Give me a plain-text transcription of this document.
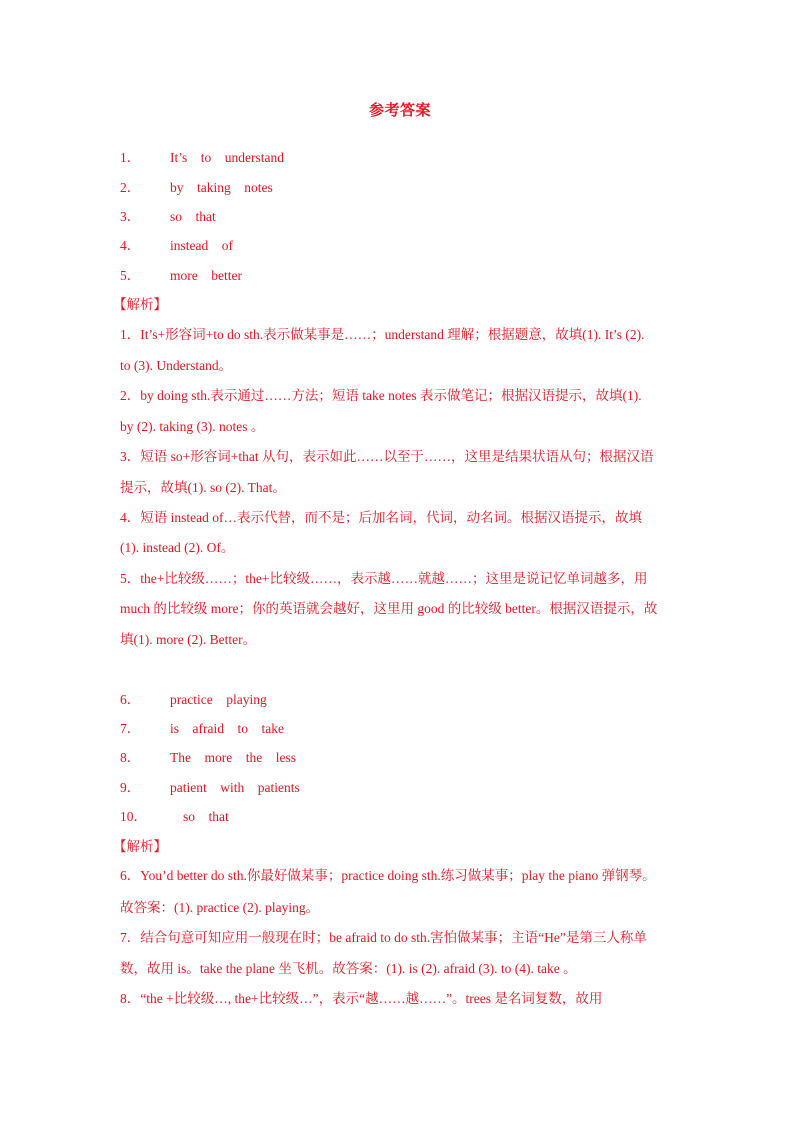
参考答案
1． It’s    to    understand
2． by    taking    notes
3． so    that
4． instead    of
5． more    better
【解析】
1．It’s+形容词+to do sth.表示做某事是……；understand 理解；根据题意，故填(1). It’s (2).
to (3). Understand。
2．by doing sth.表示通过……方法；短语 take notes 表示做笔记；根据汉语提示，故填(1).
by (2). taking (3). notes 。
3．短语 so+形容词+that 从句，表示如此……以至于……，这里是结果状语从句；根据汉语
提示，故填(1). so (2). That。
4．短语 instead of…表示代替，而不是；后加名词，代词，动名词。根据汉语提示，故填
(1). instead (2). Of。
5．the+比较级……；the+比较级……，表示越……就越……；这里是说记忆单词越多，用
much 的比较级 more；你的英语就会越好，这里用 good 的比较级 better。根据汉语提示，故
填(1). more (2). Better。
6． practice    playing
7． is    afraid    to    take
8． The    more    the    less
9． patient    with    patients
10．	so    that
【解析】
6．You’d better do sth.你最好做某事；practice doing sth.练习做某事；play the piano 弹钢琴。
故答案：(1). practice (2). playing。
7．结合句意可知应用一般现在时；be afraid to do sth.害怕做某事；主语“He”是第三人称单
数，故用 is。take the plane 坐飞机。故答案：(1). is (2). afraid (3). to (4). take 。
8．“the +比较级…, the+比较级…”，表示“越……越……”。trees 是名词复数，故用
